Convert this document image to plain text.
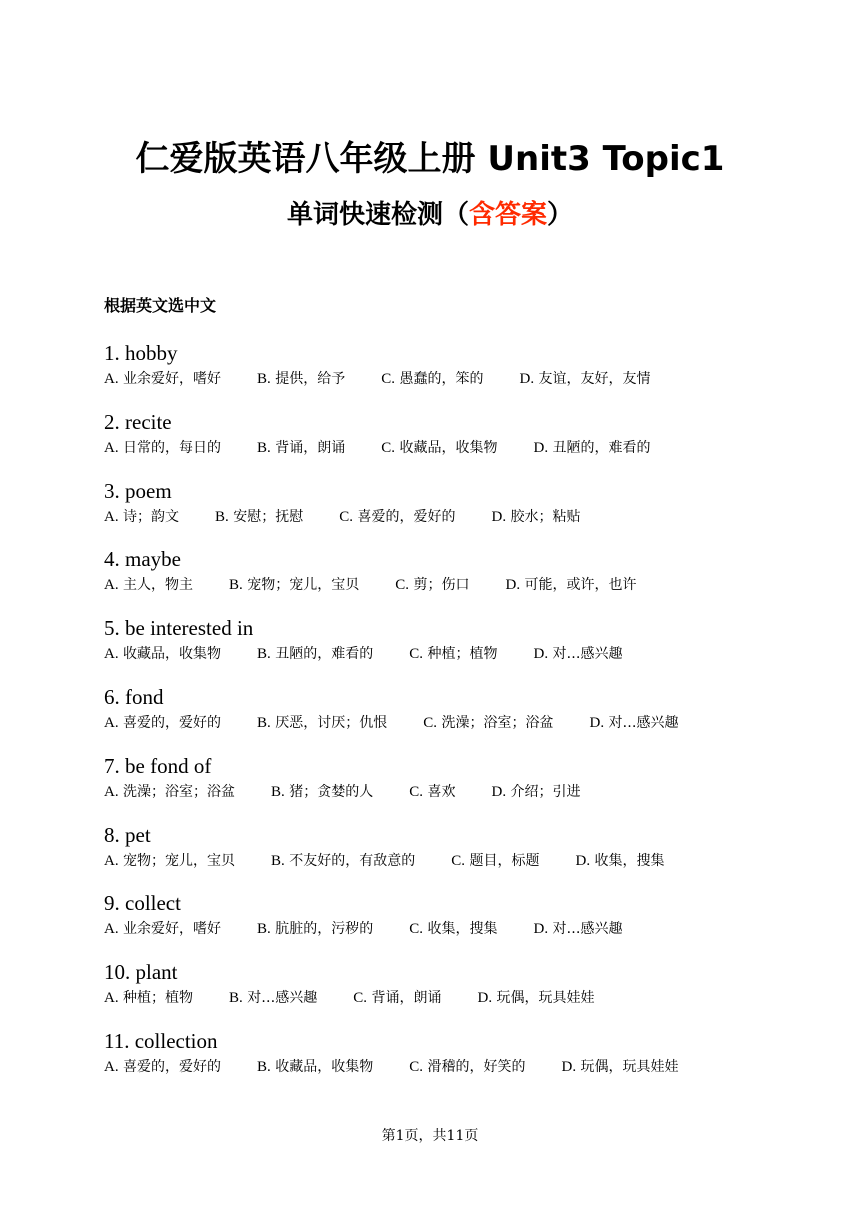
仁爱版英语八年级上册 Unit3 Topic1
单词快速检测（含答案）
根据英文选中文
1. hobby
A. 业余爱好，嗜好 B. 提供，给予 C. 愚蠢的，笨的 D. 友谊，友好，友情
2. recite
A. 日常的，每日的 B. 背诵，朗诵 C. 收藏品，收集物 D. 丑陋的，难看的
3. poem
A. 诗；韵文 B. 安慰；抚慰 C. 喜爱的，爱好的 D. 胶水；粘贴
4. maybe
A. 主人，物主 B. 宠物；宠儿，宝贝 C. 剪；伤口 D. 可能，或许，也许
5. be interested in
A. 收藏品，收集物 B. 丑陋的，难看的 C. 种植；植物 D. 对…感兴趣
6. fond
A. 喜爱的，爱好的 B. 厌恶，讨厌；仇恨 C. 洗澡；浴室；浴盆 D. 对…感兴趣
7. be fond of
A. 洗澡；浴室；浴盆 B. 猪；贪婪的人 C. 喜欢 D. 介绍；引进
8. pet
A. 宠物；宠儿，宝贝 B. 不友好的，有敌意的 C. 题目，标题 D. 收集，搜集
9. collect
A. 业余爱好，嗜好 B. 肮脏的，污秽的 C. 收集，搜集 D. 对…感兴趣
10. plant
A. 种植；植物 B. 对…感兴趣 C. 背诵，朗诵 D. 玩偶，玩具娃娃
11. collection
A. 喜爱的，爱好的 B. 收藏品，收集物 C. 滑稽的，好笑的 D. 玩偶，玩具娃娃
第1页，共11页
